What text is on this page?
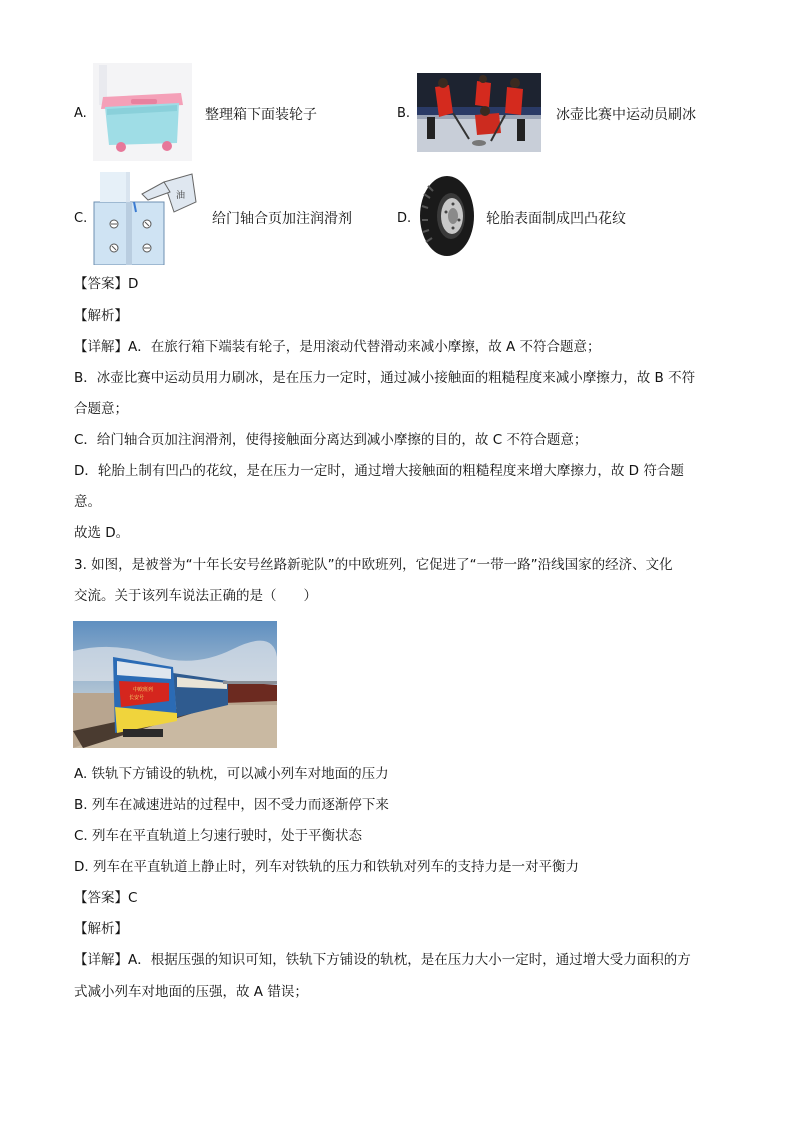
A.	整理箱下面装轮子	B.	冰壶比赛中运动员刷冰
C.
油
给门轴合页加注润滑剂	D.	轮胎表面制成凹凸花纹
【答案】D
【解析】
【详解】A．在旅行箱下端装有轮子，是用滚动代替滑动来减小摩擦，故 A 不符合题意；
B．冰壶比赛中运动员用力刷冰，是在压力一定时，通过减小接触面的粗糙程度来减小摩擦力，故 B 不符
合题意；
C．给门轴合页加注润滑剂，使得接触面分离达到减小摩擦的目的，故 C 不符合题意；
D．轮胎上制有凹凸的花纹，是在压力一定时，通过增大接触面的粗糙程度来增大摩擦力，故 D 符合题
意。
故选 D。
3. 如图，是被誉为“十年长安号丝路新驼队”的中欧班列，它促进了“一带一路”沿线国家的经济、文化
交流。关于该列车说法正确的是（　　）
中欧班列
长安号
A. 铁轨下方铺设的轨枕，可以减小列车对地面的压力
B. 列车在减速进站的过程中，因不受力而逐渐停下来
C. 列车在平直轨道上匀速行驶时，处于平衡状态
D. 列车在平直轨道上静止时，列车对铁轨的压力和铁轨对列车的支持力是一对平衡力
【答案】C
【解析】
【详解】A．根据压强的知识可知，铁轨下方铺设的轨枕，是在压力大小一定时，通过增大受力面积的方
式减小列车对地面的压强，故 A 错误；
